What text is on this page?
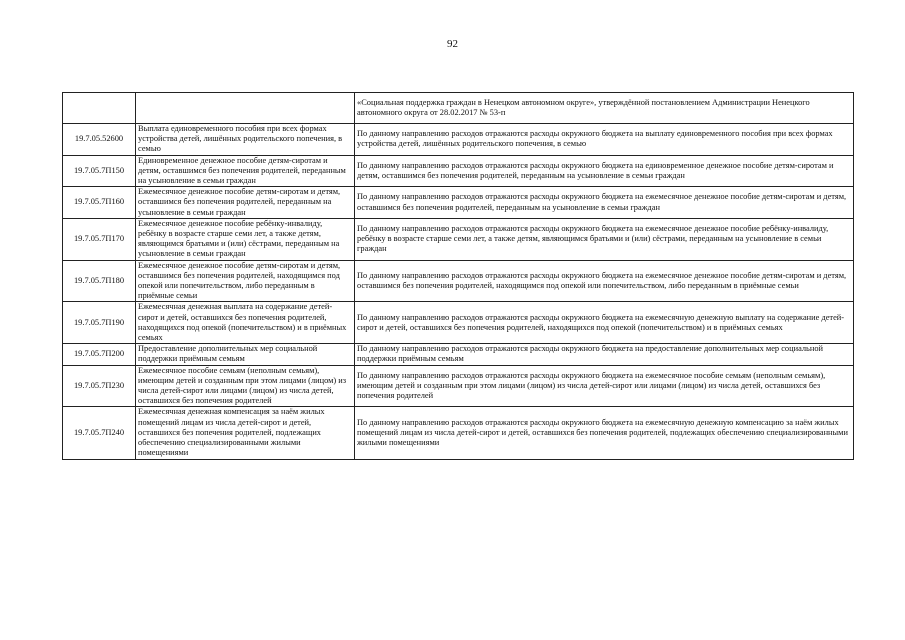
92
		«Социальная поддержка граждан в Ненецком автономном округе», утверждённой постановлением Администрации Ненецкого автономного округа от 28.02.2017 № 53-п
19.7.05.52600	Выплата единовременного пособия при всех формах устройства детей, лишённых родительского попечения, в семью	По данному направлению расходов отражаются расходы окружного бюджета на выплату единовременного пособия при всех формах устройства детей, лишённых родительского попечения, в семью
19.7.05.7П150	Единовременное денежное пособие детям-сиротам и детям, оставшимся без попечения родителей, переданным на усыновление в семьи граждан	По данному направлению расходов отражаются расходы окружного бюджета на единовременное денежное пособие детям-сиротам и детям, оставшимся без попечения родителей, переданным на усыновление в семьи граждан
19.7.05.7П160	Ежемесячное денежное пособие детям-сиротам и детям, оставшимся без попечения родителей, переданным на усыновление в семьи граждан	По данному направлению расходов отражаются расходы окружного бюджета на ежемесячное денежное пособие детям-сиротам и детям, оставшимся без попечения родителей, переданным на усыновление в семьи граждан
19.7.05.7П170	Ежемесячное денежное пособие ребёнку-инвалиду, ребёнку в возрасте старше семи лет, а также детям, являющимся братьями и (или) сёстрами, переданным на усыновление в семьи граждан	По данному направлению расходов отражаются расходы окружного бюджета на ежемесячное денежное пособие ребёнку-инвалиду, ребёнку в возрасте старше семи лет, а также детям, являющимся братьями и (или) сёстрами, переданным на усыновление в семьи граждан
19.7.05.7П180	Ежемесячное денежное пособие детям-сиротам и детям, оставшимся без попечения родителей, находящимся под опекой или попечительством, либо переданным в приёмные семьи	По данному направлению расходов отражаются расходы окружного бюджета на ежемесячное денежное пособие детям-сиротам и детям, оставшимся без попечения родителей, находящимся под опекой или попечительством, либо переданным в приёмные семьи
19.7.05.7П190	Ежемесячная денежная выплата на содержание детей-сирот и детей, оставшихся без попечения родителей, находящихся под опекой (попечительством) и в приёмных семьях	По данному направлению расходов отражаются расходы окружного бюджета на ежемесячную денежную выплату на содержание детей-сирот и детей, оставшихся без попечения родителей, находящихся под опекой (попечительством) и в приёмных семьях
19.7.05.7П200	Предоставление дополнительных мер социальной поддержки приёмным семьям	По данному направлению расходов отражаются расходы окружного бюджета на предоставление дополнительных мер социальной поддержки приёмным семьям
19.7.05.7П230	Ежемесячное пособие семьям (неполным семьям), имеющим детей и созданным при этом лицами (лицом) из числа детей-сирот или лицами (лицом) из числа детей, оставшихся без попечения родителей	По данному направлению расходов отражаются расходы окружного бюджета на ежемесячное пособие семьям (неполным семьям), имеющим детей и созданным при этом лицами (лицом) из числа детей-сирот или лицами (лицом) из числа детей, оставшихся без попечения родителей
19.7.05.7П240	Ежемесячная денежная компенсация за наём жилых помещений лицам из числа детей-сирот и детей, оставшихся без попечения родителей, подлежащих обеспечению специализированными жилыми помещениями	По данному направлению расходов отражаются расходы окружного бюджета на ежемесячную денежную компенсацию за наём жилых помещений лицам из числа детей-сирот и детей, оставшихся без попечения родителей, подлежащих обеспечению специализированными жилыми помещениями
